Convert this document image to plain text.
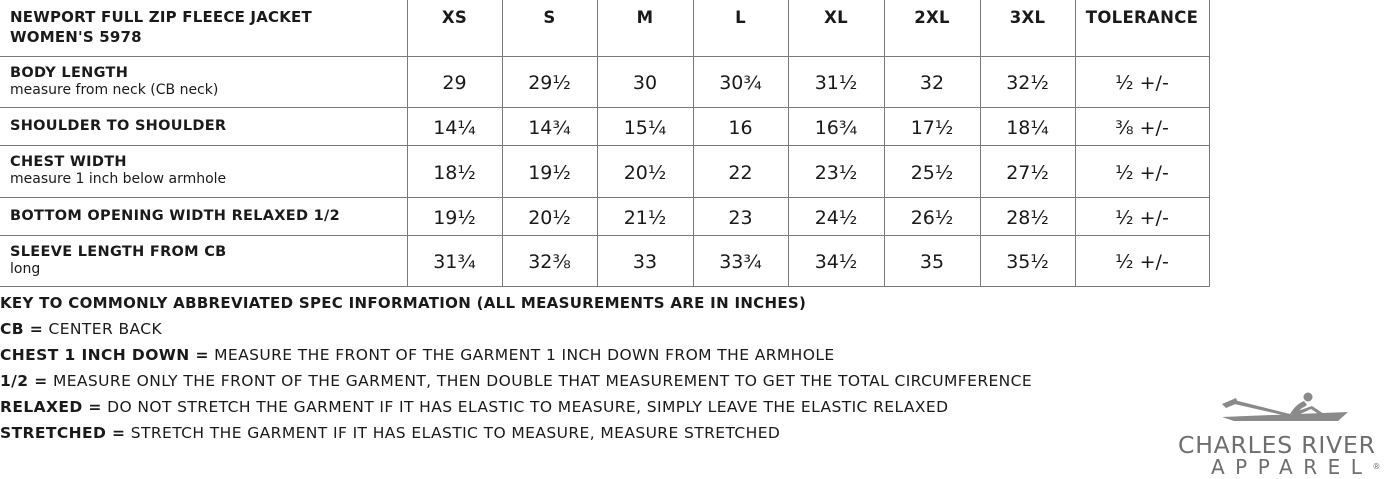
NEWPORT FULL ZIP FLEECE JACKET
WOMEN'S 5978	XS	S	M	L	XL	2XL	3XL	TOLERANCE

BODY LENGTH
measure from neck (CB neck)	29	29½	30	30¾	31½	32	32½	½ +/-

SHOULDER TO SHOULDER	14¼	14¾	15¼	16	16¾	17½	18¼	⅜ +/-

CHEST WIDTH
measure 1 inch below armhole	18½	19½	20½	22	23½	25½	27½	½ +/-

BOTTOM OPENING WIDTH RELAXED 1/2	19½	20½	21½	23	24½	26½	28½	½ +/-

SLEEVE LENGTH FROM CB
long	31¾	32⅜	33	33¾	34½	35	35½	½ +/-
KEY TO COMMONLY ABBREVIATED SPEC INFORMATION (ALL MEASUREMENTS ARE IN INCHES)
CB = CENTER BACK
CHEST 1 INCH DOWN = MEASURE THE FRONT OF THE GARMENT 1 INCH DOWN FROM THE ARMHOLE
1/2 = MEASURE ONLY THE FRONT OF THE GARMENT, THEN DOUBLE THAT MEASUREMENT TO GET THE TOTAL CIRCUMFERENCE
RELAXED = DO NOT STRETCH THE GARMENT IF IT HAS ELASTIC TO MEASURE, SIMPLY LEAVE THE ELASTIC RELAXED
STRETCHED = STRETCH THE GARMENT IF IT HAS ELASTIC TO MEASURE, MEASURE STRETCHED	CHARLES RIVER
APPAREL®
